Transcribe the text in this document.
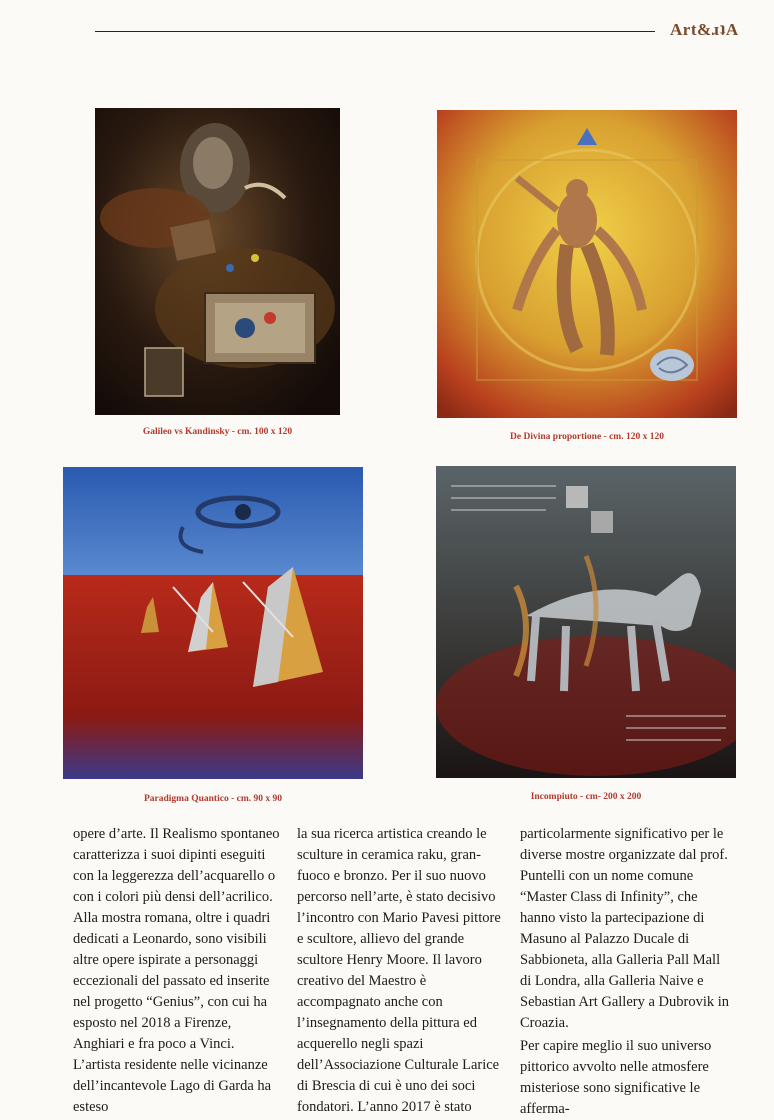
Art&ɹʇA
Galileo vs Kandinsky - cm. 100 x 120	De Divina proportione - cm. 120 x 120
Paradigma Quantico - cm. 90 x 90	Incompiuto - cm- 200 x 200

opere d’arte. Il Realismo spontaneo caratterizza i suoi dipinti eseguiti con la leggerezza dell’acquarello o con i colori più densi dell’acrilico. Alla mostra romana, oltre i quadri dedicati a Leonardo, sono visibili altre opere ispirate a personaggi eccezionali del passato ed inserite nel progetto “Genius”, con cui ha esposto nel 2018 a Firenze, Anghiari e fra poco a Vinci. L’artista residente nelle vicinanze dell’incantevole Lago di Garda ha esteso

la sua ricerca artistica creando le sculture in ceramica raku, gran-fuoco e bronzo. Per il suo nuovo percorso nell’arte, è stato decisivo l’incontro con Mario Pavesi pittore e scultore, allievo del grande scultore Henry Moore. Il lavoro creativo del Maestro è accompagnato anche con l’insegnamento della pittura ed acquerello negli spazi dell’Associazione Culturale Larice di Brescia di cui è uno dei soci fondatori. L’anno 2017 è stato

particolarmente significativo per le diverse mostre organizzate dal prof. Puntelli con un nome comune “Master Class di Infinity”, che hanno visto la partecipazione di Masuno al Palazzo Ducale di Sabbioneta, alla Galleria Pall Mall di Londra, alla Galleria Naive e Sebastian Art Gallery a Dubrovik in Croazia.

Per capire meglio il suo universo pittorico avvolto nelle atmosfere misteriose sono significative le afferma-
